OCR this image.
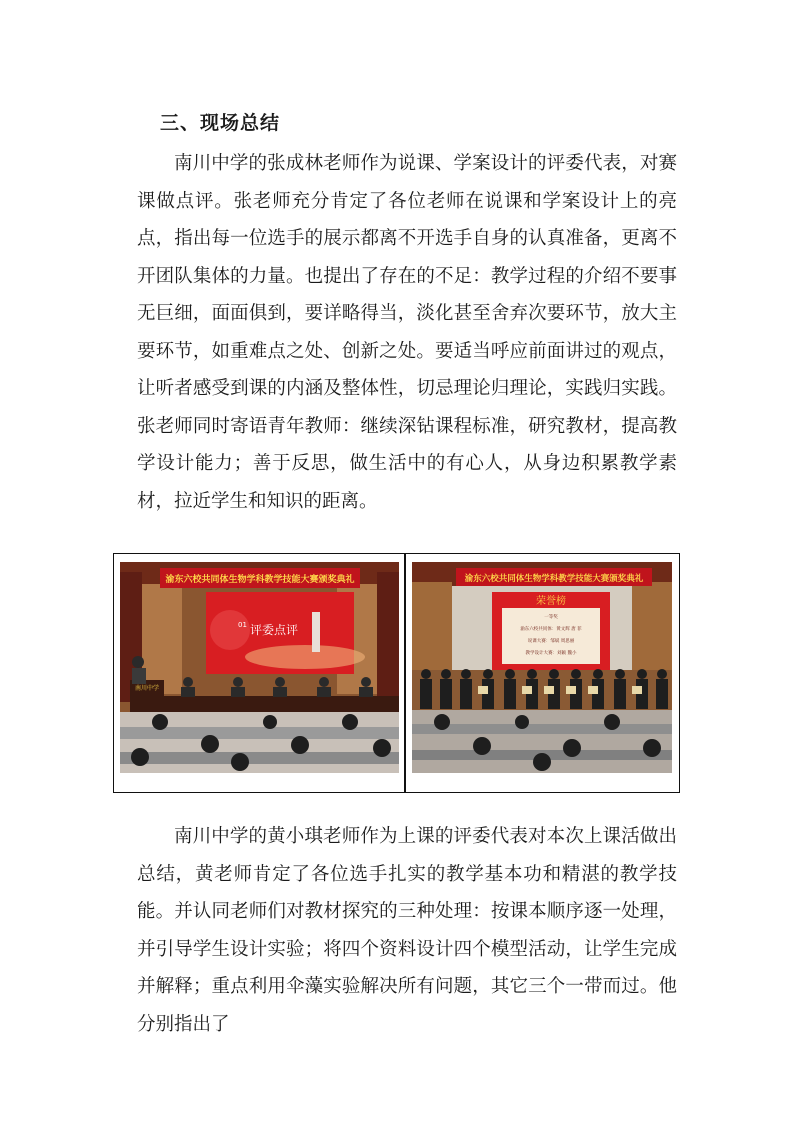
三、现场总结

南川中学的张成林老师作为说课、学案设计的评委代表，对赛课做点评。张老师充分肯定了各位老师在说课和学案设计上的亮点，指出每一位选手的展示都离不开选手自身的认真准备，更离不开团队集体的力量。也提出了存在的不足：教学过程的介绍不要事无巨细，面面俱到，要详略得当，淡化甚至舍弃次要环节，放大主要环节，如重难点之处、创新之处。要适当呼应前面讲过的观点，让听者感受到课的内涵及整体性，切忌理论归理论，实践归实践。张老师同时寄语青年教师：继续深钻课程标准，研究教材，提高教学设计能力；善于反思，做生活中的有心人，从身边积累教学素材，拉近学生和知识的距离。

渝东六校共同体生物学科教学技能大赛颁奖典礼
01 评委点评
南川中学
渝东六校共同体生物学科教学技能大赛颁奖典礼
荣誉榜
一等奖
渝东六校共同体：黄文辉 唐 菲
说课大赛：邹斌 周思丽
教学设计大赛：刘颖 魏小

南川中学的黄小琪老师作为上课的评委代表对本次上课活做出总结，黄老师肯定了各位选手扎实的教学基本功和精湛的教学技能。并认同老师们对教材探究的三种处理：按课本顺序逐一处理，并引导学生设计实验；将四个资料设计四个模型活动，让学生完成并解释；重点利用伞藻实验解决所有问题，其它三个一带而过。他分别指出了
